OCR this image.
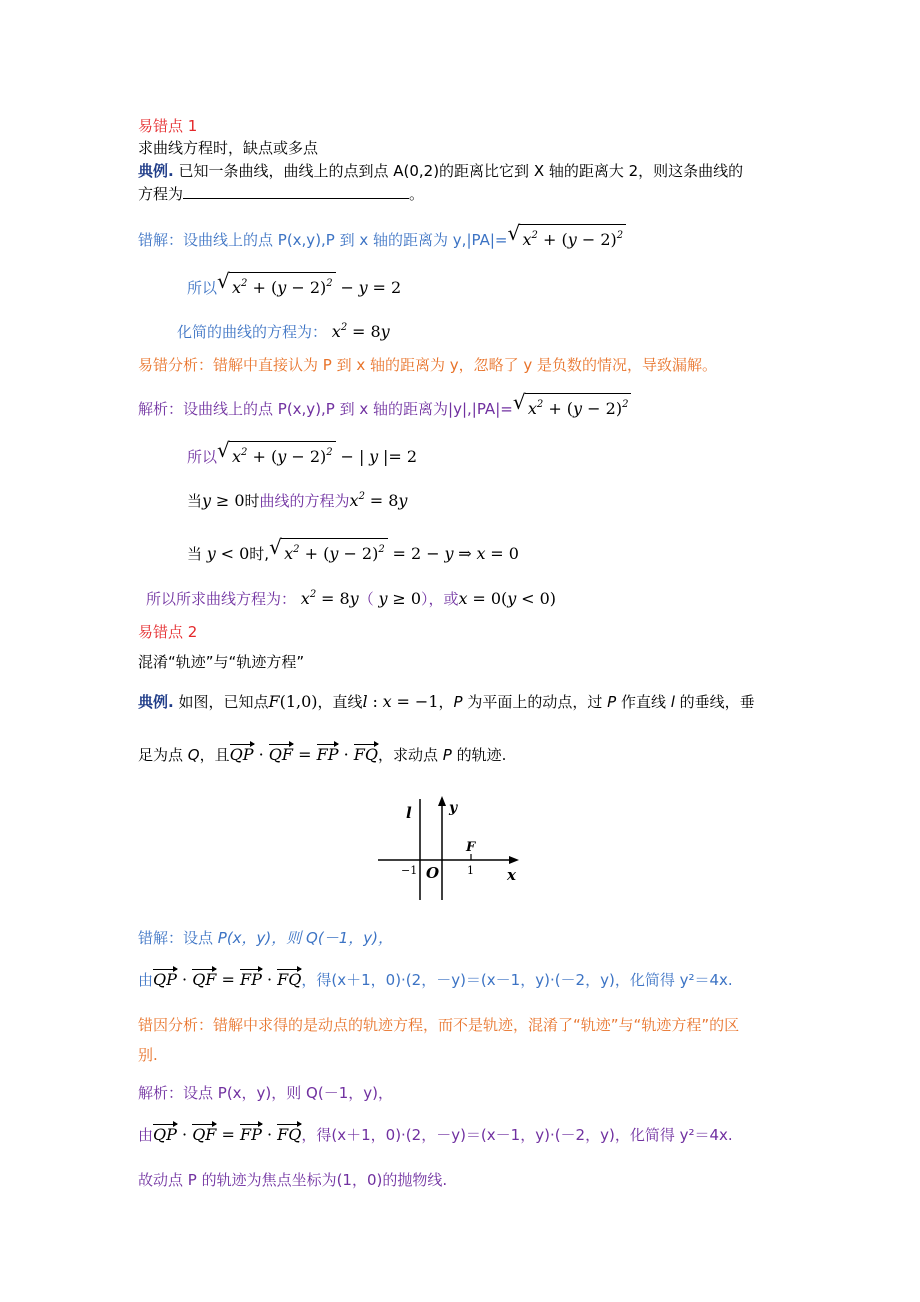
易错点 1
求曲线方程时，缺点或多点
典例. 已知一条曲线，曲线上的点到点 A(0,2)的距离比它到 X 轴的距离大 2，则这条曲线的
方程为	。
错解：设曲线上的点 P(x,y),P 到 x 轴的距离为 y,|PA|= √ $x^2 + (y - 2)^2$
所以 √ $x^2 + (y - 2)^2 - y = 2$
化简的曲线的方程为： $x^2 = 8y$
易错分析：错解中直接认为 P 到 x 轴的距离为 y，忽略了 y 是负数的情况，导致漏解。
解析：设曲线上的点 P(x,y),P 到 x 轴的距离为|y|,|PA|= √ $x^2 + (y - 2)^2$
所以 √ $x^2 + (y - 2)^2$ − | y |= 2
当y ≥ 0时曲线的方程为$x^2 = 8y$
当 y < 0时, √ $x^2 + (y - 2)^2 = 2 - y$ ⇒ x = 0
所以所求曲线方程为： $x^2 = 8y$（ y ≥ 0），或x = 0(y < 0)
易错点 2
混淆“轨迹”与“轨迹方程”
典例. 如图，已知点F(1,0)，直线l : x = −1，P 为平面上的动点，过 P 作直线 l 的垂线，垂
足为点 Q，且QP · QF = FP · FQ，求动点 P 的轨迹.
l	y
F
−1 O	1 x
错解：设点 P(x，y)，则 Q(－1，y)，
由QP · QF = FP · FQ，得(x＋1，0)·(2，－y)＝(x－1，y)·(－2，y)，化简得 y²＝4x.
错因分析：错解中求得的是动点的轨迹方程，而不是轨迹，混淆了“轨迹”与“轨迹方程”的区
别.
解析：设点 P(x，y)，则 Q(－1，y)，
由QP · QF = FP · FQ，得(x＋1，0)·(2，－y)＝(x－1，y)·(－2，y)，化简得 y²＝4x.
故动点 P 的轨迹为焦点坐标为(1，0)的抛物线.
